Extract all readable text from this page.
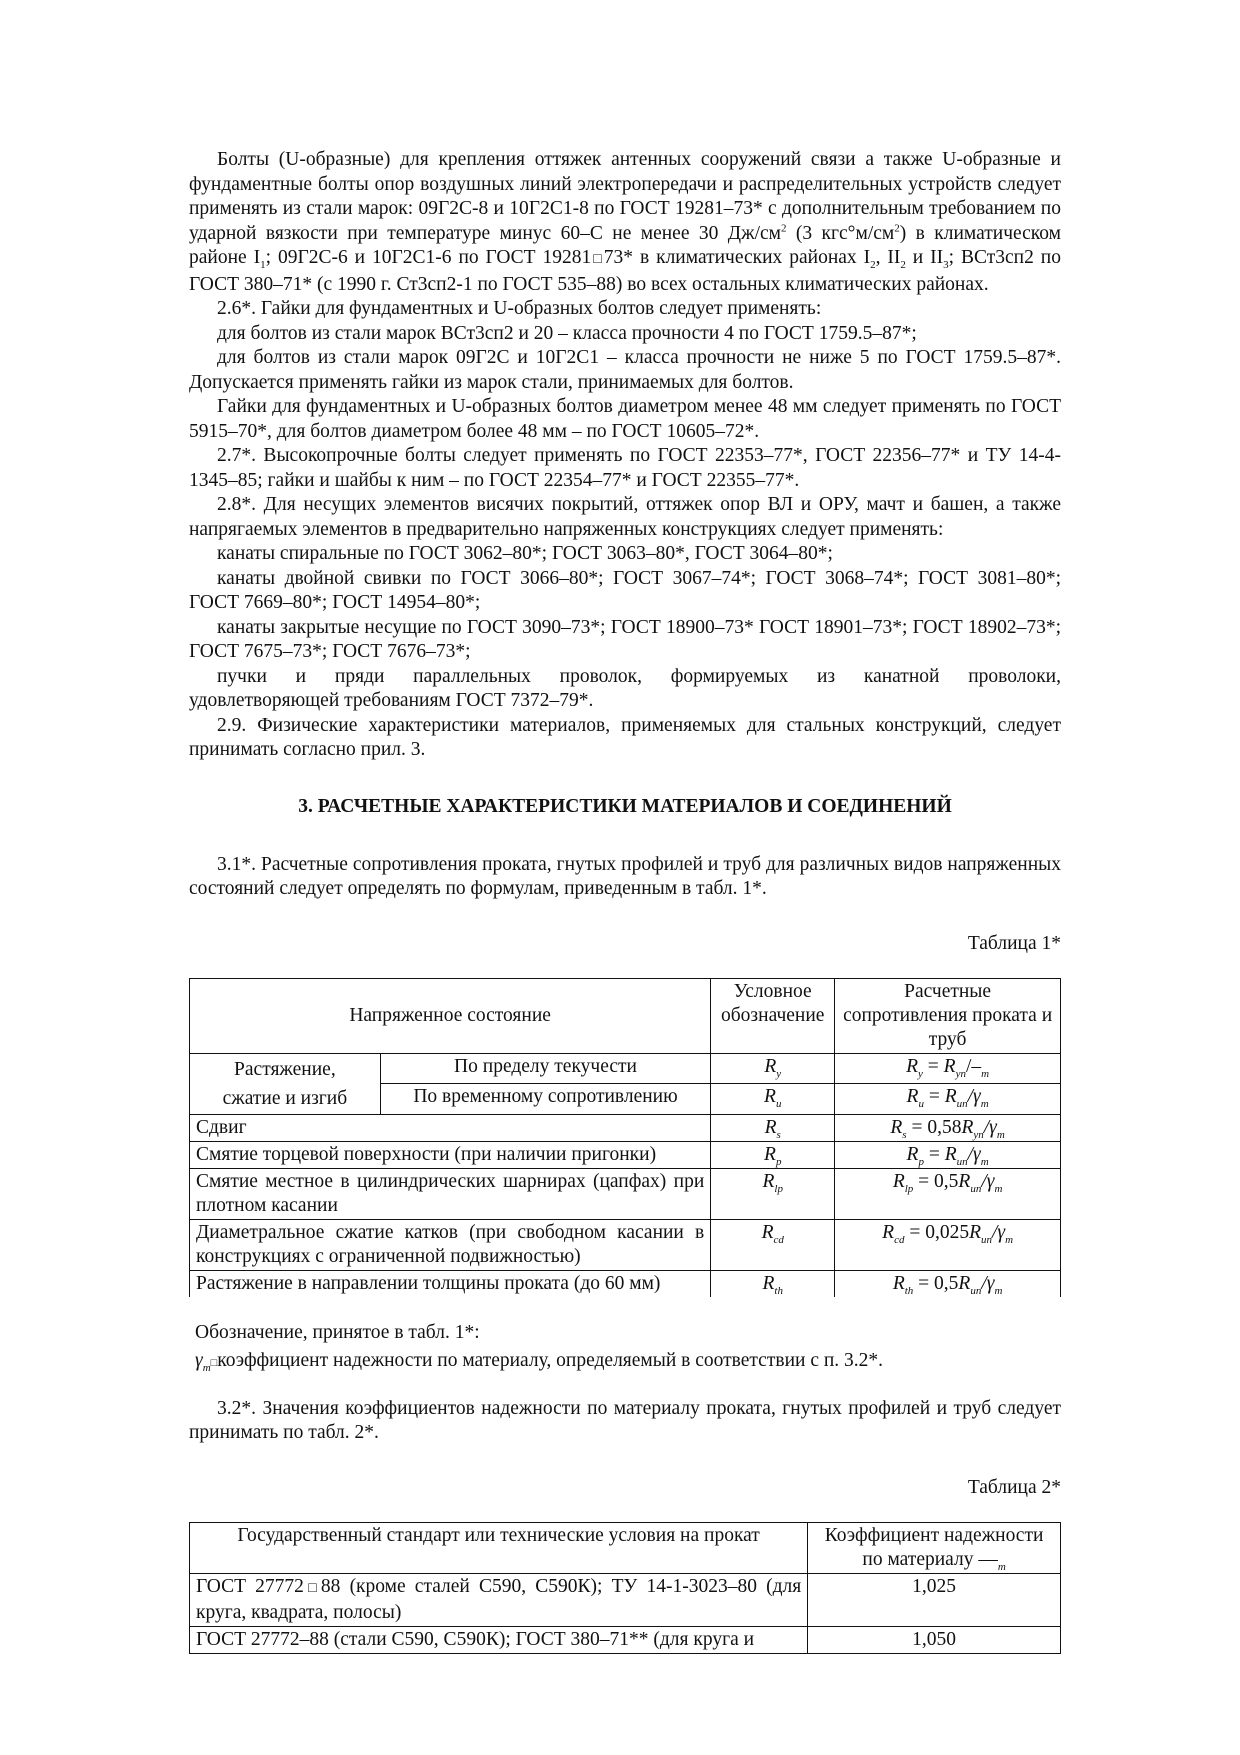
Болты (U-образные) для крепления оттяжек антенных сооружений связи а также U-образные и фундаментные болты опор воздушных линий электропередачи и распределительных устройств следует применять из стали марок: 09Г2С-8 и 10Г2С1-8 по ГОСТ 19281–73* с дополнительным требованием по ударной вязкости при температуре минус 60–С не менее 30 $Дж/см^2$ (3 $кгс^\circ м/см^2$) в климатическом районе $I_1$; 09Г2С-6 и 10Г2С1-6 по ГОСТ 19281□73* в климатических районах $I_2$, $II_2$ и $II_3$; ВСт3сп2 по ГОСТ 380–71* (с 1990 г. Ст3сп2-1 по ГОСТ 535–88) во всех остальных климатических районах.

2.6*. Гайки для фундаментных и U-образных болтов следует применять:

для болтов из стали марок ВСт3сп2 и 20 – класса прочности 4 по ГОСТ 1759.5–87*;

для болтов из стали марок 09Г2С и 10Г2С1 – класса прочности не ниже 5 по ГОСТ 1759.5–87*. Допускается применять гайки из марок стали, принимаемых для болтов.

Гайки для фундаментных и U-образных болтов диаметром менее 48 мм следует применять по ГОСТ 5915–70*, для болтов диаметром более 48 мм – по ГОСТ 10605–72*.

2.7*. Высокопрочные болты следует применять по ГОСТ 22353–77*, ГОСТ 22356–77* и ТУ 14-4-1345–85; гайки и шайбы к ним – по ГОСТ 22354–77* и ГОСТ 22355–77*.

2.8*. Для несущих элементов висячих покрытий, оттяжек опор ВЛ и ОРУ, мачт и башен, а также напрягаемых элементов в предварительно напряженных конструкциях следует применять:

канаты спиральные по ГОСТ 3062–80*; ГОСТ 3063–80*, ГОСТ 3064–80*;

канаты двойной свивки по ГОСТ 3066–80*; ГОСТ 3067–74*; ГОСТ 3068–74*; ГОСТ 3081–80*; ГОСТ 7669–80*; ГОСТ 14954–80*;

канаты закрытые несущие по ГОСТ 3090–73*; ГОСТ 18900–73* ГОСТ 18901–73*; ГОСТ 18902–73*; ГОСТ 7675–73*; ГОСТ 7676–73*;

пучки и пряди параллельных проволок, формируемых из канатной проволоки,

удовлетворяющей требованиям ГОСТ 7372–79*.

2.9. Физические характеристики материалов, применяемых для стальных конструкций, следует принимать согласно прил. 3.

3. РАСЧЕТНЫЕ ХАРАКТЕРИСТИКИ МАТЕРИАЛОВ И СОЕДИНЕНИЙ

3.1*. Расчетные сопротивления проката, гнутых профилей и труб для различных видов напряженных состояний следует определять по формулам, приведенным в табл. 1*.

Таблица 1*
Напряженное состояние		Условное обозначение	Расчетные сопротивления проката и труб

Растяжение,
сжатие и изгиб	По пределу текучести	$R_y$	$R_y = R_{yn}/-_m$
	По временному сопротивлению	$R_u$	$R_u = R_{un}/\gamma_m$
Сдвиг		$R_s$	$R_s = 0,58R_{yn}/\gamma_m$
Смятие торцевой поверхности (при наличии пригонки)		$R_p$	$R_p = R_{un}/\gamma_m$
Смятие местное в цилиндрических шарнирах (цапфах) при плотном касании		$R_{lp}$	$R_{lp} = 0,5R_{un}/\gamma_m$
Диаметральное сжатие катков (при свободном касании в конструкциях с ограниченной подвижностью)		$R_{cd}$	$R_{cd} = 0,025R_{un}/\gamma_m$
Растяжение в направлении толщины проката (до 60 мм)		$R_{th}$	$R_{th} = 0,5R_{un}/\gamma_m$
Обозначение, принятое в табл. 1*:
$\gamma_m□коэффициент$ надежности по материалу, определяемый в соответствии с п. 3.2*.

3.2*. Значения коэффициентов надежности по материалу проката, гнутых профилей и труб следует принимать по табл. 2*.

Таблица 2*
Государственный стандарт или технические условия на прокат	Коэффициент надежности по материалу $—_m$
ГОСТ 27772□88 (кроме сталей С590, С590К); ТУ 14-1-3023–80 (для круга, квадрата, полосы)	1,025
ГОСТ 27772–88 (стали С590, С590К); ГОСТ 380–71** (для круга и	1,050
